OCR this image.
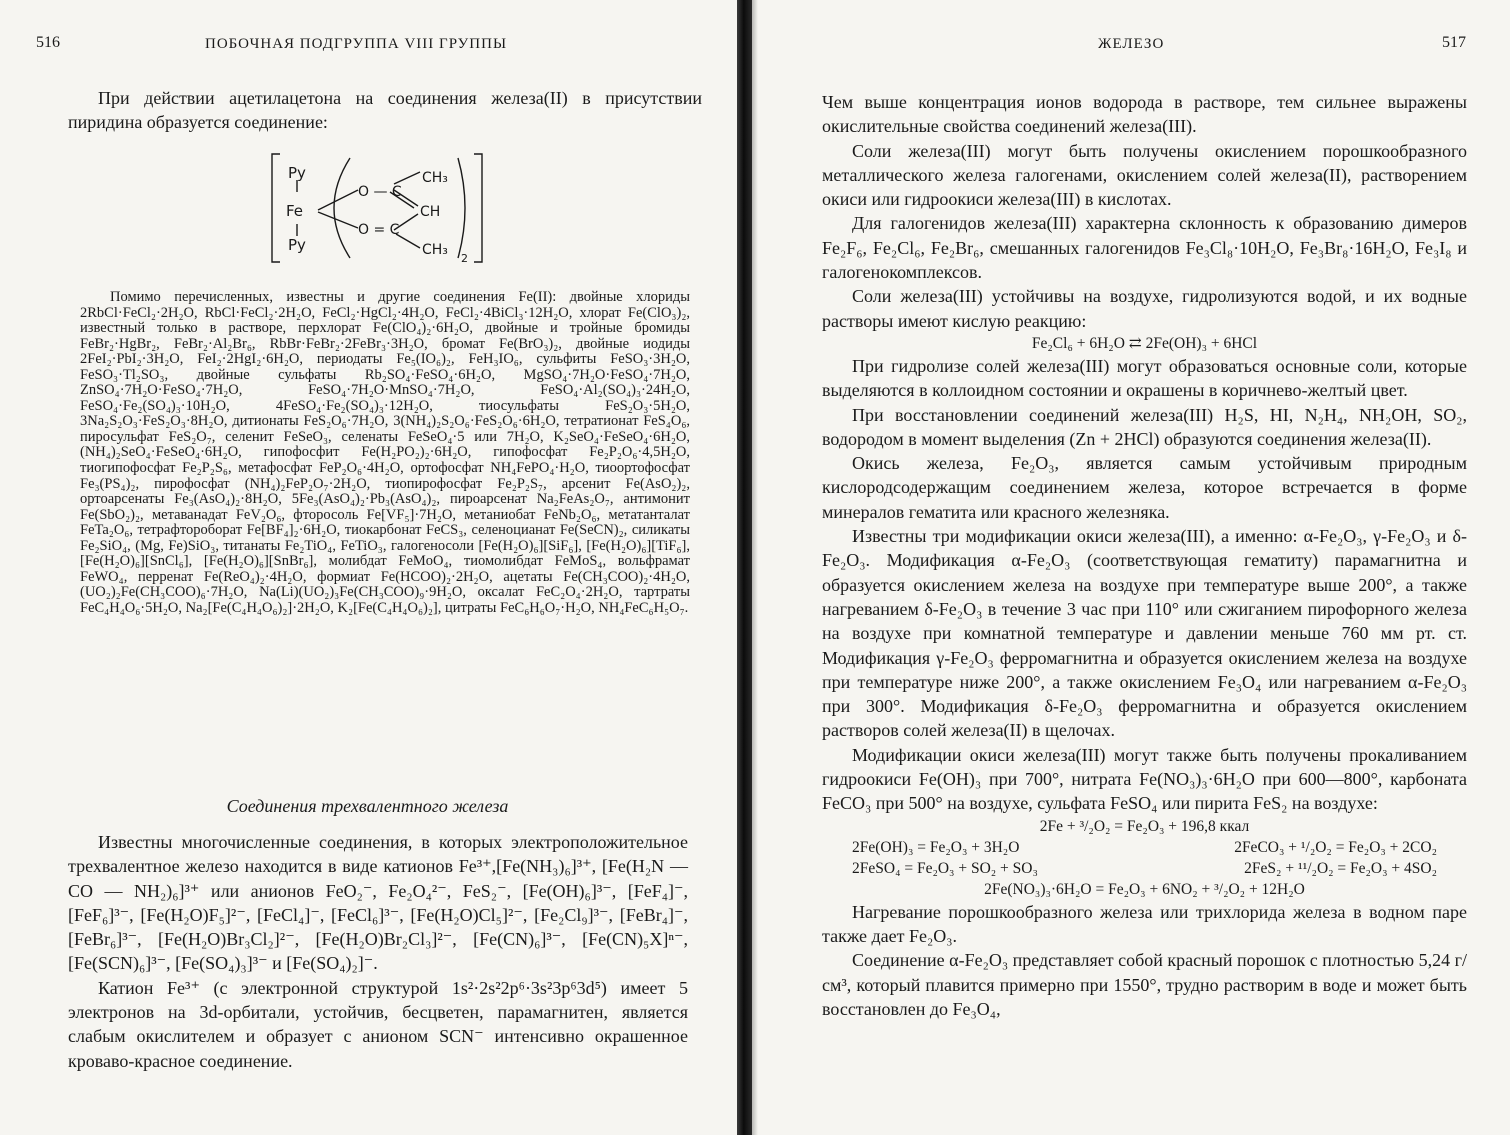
516	ПОБОЧНАЯ ПОДГРУППА VIII ГРУППЫ

При действии ацетилацетона на соединения железа(II) в присутствии пиридина образуется соединение:

Py
Fe
Py
O — C
O = C
CH₃
CH
CH₃
2
Помимо перечисленных, известны и другие соединения Fe(II): двойные хлориды 2RbCl·FeCl₂·2H₂O, RbCl·FeCl₂·2H₂O, FeCl₂·HgCl₂·4H₂O, FeCl₂·4BiCl₃·12H₂O, хлорат Fe(ClO₃)₂, известный только в растворе, перхлорат Fe(ClO₄)₂·6H₂O, двойные и тройные бромиды FeBr₂·HgBr₂, FeBr₂·Al₂Br₆, RbBr·FeBr₂·2FeBr₃·3H₂O, бромат Fe(BrO₃)₂, двойные иодиды 2FeI₂·PbI₂·3H₂O, FeI₂·2HgI₂·6H₂O, периодаты Fe₅(IO₆)₂, FeH₃IO₆, сульфиты FeSO₃·3H₂O, FeSO₃·Tl₂SO₃, двойные сульфаты Rb₂SO₄·FeSO₄·6H₂O, MgSO₄·7H₂O·FeSO₄·7H₂O, ZnSO₄·7H₂O·FeSO₄·7H₂O, FeSO₄·7H₂O·MnSO₄·7H₂O, FeSO₄·Al₂(SO₄)₃·24H₂O, FeSO₄·Fe₂(SO₄)₃·10H₂O, 4FeSO₄·Fe₂(SO₄)₃·12H₂O, тиосульфаты FeS₂O₃·5H₂O, 3Na₂S₂O₃·FeS₂O₃·8H₂O, дитионаты FeS₂O₆·7H₂O, 3(NH₄)₂S₂O₆·FeS₂O₆·6H₂O, тетратионат FeS₄O₆, пиросульфат FeS₂O₇, селенит FeSeO₃, селенаты FeSeO₄·5 или 7H₂O, K₂SeO₄·FeSeO₄·6H₂O, (NH₄)₂SeO₄·FeSeO₄·6H₂O, гипофосфит Fe(H₂PO₂)₂·6H₂O, гипофосфат Fe₂P₂O₆·4,5H₂O, тиогипофосфат Fe₂P₂S₆, метафосфат FeP₂O₆·4H₂O, ортофосфат NH₄FePO₄·H₂O, тиоортофосфат Fe₃(PS₄)₂, пирофосфат (NH₄)₂FeP₂O₇·2H₂O, тиопирофосфат Fe₂P₂S₇, арсенит Fe(AsO₂)₂, ортоарсенаты Fe₃(AsO₄)₂·8H₂O, 5Fe₃(AsO₄)₂·Pb₃(AsO₄)₂, пироарсенат Na₂FeAs₂O₇, антимонит Fe(SbO₂)₂, метаванадат FeV₂O₆, фторосоль Fe[VF₅]·7H₂O, метаниобат FeNb₂O₆, метатанталат FeTa₂O₆, тетрафтороборат Fe[BF₄]₂·6H₂O, тиокарбонат FeCS₃, селеноцианат Fe(SeCN)₂, силикаты Fe₂SiO₄, (Mg, Fe)SiO₃, титанаты Fe₂TiO₄, FeTiO₃, галогеносоли [Fe(H₂O)₆][SiF₆], [Fe(H₂O)₆][TiF₆], [Fe(H₂O)₆][SnCl₆], [Fe(H₂O)₆][SnBr₆], молибдат FeMoO₄, тиомолибдат FeMoS₄, вольфрамат FeWO₄, перренат Fe(ReO₄)₂·4H₂O, формиат Fe(HCOO)₂·2H₂O, ацетаты Fe(CH₃COO)₂·4H₂O, (UO₂)₂Fe(CH₃COO)₆·7H₂O, Na(Li)(UO₂)₃Fe(CH₃COO)₉·9H₂O, оксалат FeC₂O₄·2H₂O, тартраты FeC₄H₄O₆·5H₂O, Na₂[Fe(C₄H₄O₆)₂]·2H₂O, K₂[Fe(C₄H₄O₆)₂], цитраты FeC₆H₆O₇·H₂O, NH₄FeC₆H₅O₇.
Соединения трехвалентного железа

Известны многочисленные соединения, в которых электроположительное трехвалентное железо находится в виде катионов Fe³⁺,[Fe(NH₃)₆]³⁺, [Fe(H₂N — CO — NH₂)₆]³⁺ или анионов FeO₂⁻, Fe₂O₄²⁻, FeS₂⁻, [Fe(OH)₆]³⁻, [FeF₄]⁻, [FeF₆]³⁻, [Fe(H₂O)F₅]²⁻, [FeCl₄]⁻, [FeCl₆]³⁻, [Fe(H₂O)Cl₅]²⁻, [Fe₂Cl₉]³⁻, [FeBr₄]⁻, [FeBr₆]³⁻, [Fe(H₂O)Br₃Cl₂]²⁻, [Fe(H₂O)Br₂Cl₃]²⁻, [Fe(CN)₆]³⁻, [Fe(CN)₅X]ⁿ⁻, [Fe(SCN)₆]³⁻, [Fe(SO₄)₃]³⁻ и [Fe(SO₄)₂]⁻.

Катион Fe³⁺ (с электронной структурой 1s²·2s²2p⁶·3s²3p⁶3d⁵) имеет 5 электронов на 3d-орбитали, устойчив, бесцветен, парамагнитен, является слабым окислителем и образует с анионом SCN⁻ интенсивно окрашенное кроваво-красное соединение.

ЖЕЛЕЗО	517

Чем выше концентрация ионов водорода в растворе, тем сильнее выражены окислительные свойства соединений железа(III).

Соли железа(III) могут быть получены окислением порошкообразного металлического железа галогенами, окислением солей железа(II), растворением окиси или гидроокиси железа(III) в кислотах.

Для галогенидов железа(III) характерна склонность к образованию димеров Fe₂F₆, Fe₂Cl₆, Fe₂Br₆, смешанных галогенидов Fe₃Cl₈·10H₂O, Fe₃Br₈·16H₂O, Fe₃I₈ и галогенокомплексов.

Соли железа(III) устойчивы на воздухе, гидролизуются водой, и их водные растворы имеют кислую реакцию:

Fe₂Cl₆ + 6H₂O ⇄ 2Fe(OH)₃ + 6HCl

При гидролизе солей железа(III) могут образоваться основные соли, которые выделяются в коллоидном состоянии и окрашены в коричнево-желтый цвет.

При восстановлении соединений железа(III) H₂S, HI, N₂H₄, NH₂OH, SO₂, водородом в момент выделения (Zn + 2HCl) образуются соединения железа(II).

Окись железа, Fe₂O₃, является самым устойчивым природным кислородсодержащим соединением железа, которое встречается в форме минералов гематита или красного железняка.

Известны три модификации окиси железа(III), а именно: α-Fe₂O₃, γ-Fe₂O₃ и δ-Fe₂O₃. Модификация α-Fe₂O₃ (соответствующая гематиту) парамагнитна и образуется окислением железа на воздухе при температуре выше 200°, а также нагреванием δ-Fe₂O₃ в течение 3 час при 110° или сжиганием пирофорного железа на воздухе при комнатной температуре и давлении меньше 760 мм рт. ст. Модификация γ-Fe₂O₃ ферромагнитна и образуется окислением железа на воздухе при температуре ниже 200°, а также окислением Fe₃O₄ или нагреванием α-Fe₂O₃ при 300°. Модификация δ-Fe₂O₃ ферромагнитна и образуется окислением растворов солей железа(II) в щелочах.

Модификации окиси железа(III) могут также быть получены прокаливанием гидроокиси Fe(OH)₃ при 700°, нитрата Fe(NO₃)₃·6H₂O при 600—800°, карбоната FeCO₃ при 500° на воздухе, сульфата FeSO₄ или пирита FeS₂ на воздухе:

2Fe + ³/₂O₂ = Fe₂O₃ + 196,8 ккал
2Fe(OH)₃ = Fe₂O₃ + 3H₂O	2FeCO₃ + ¹/₂O₂ = Fe₂O₃ + 2CO₂
2FeSO₄ = Fe₂O₃ + SO₂ + SO₃	2FeS₂ + ¹¹/₂O₂ = Fe₂O₃ + 4SO₂
2Fe(NO₃)₃·6H₂O = Fe₂O₃ + 6NO₂ + ³/₂O₂ + 12H₂O

Нагревание порошкообразного железа или трихлорида железа в водном паре также дает Fe₂O₃.

Соединение α-Fe₂O₃ представляет собой красный порошок с плотностью 5,24 г/см³, который плавится примерно при 1550°, трудно растворим в воде и может быть восстановлен до Fe₃O₄,
